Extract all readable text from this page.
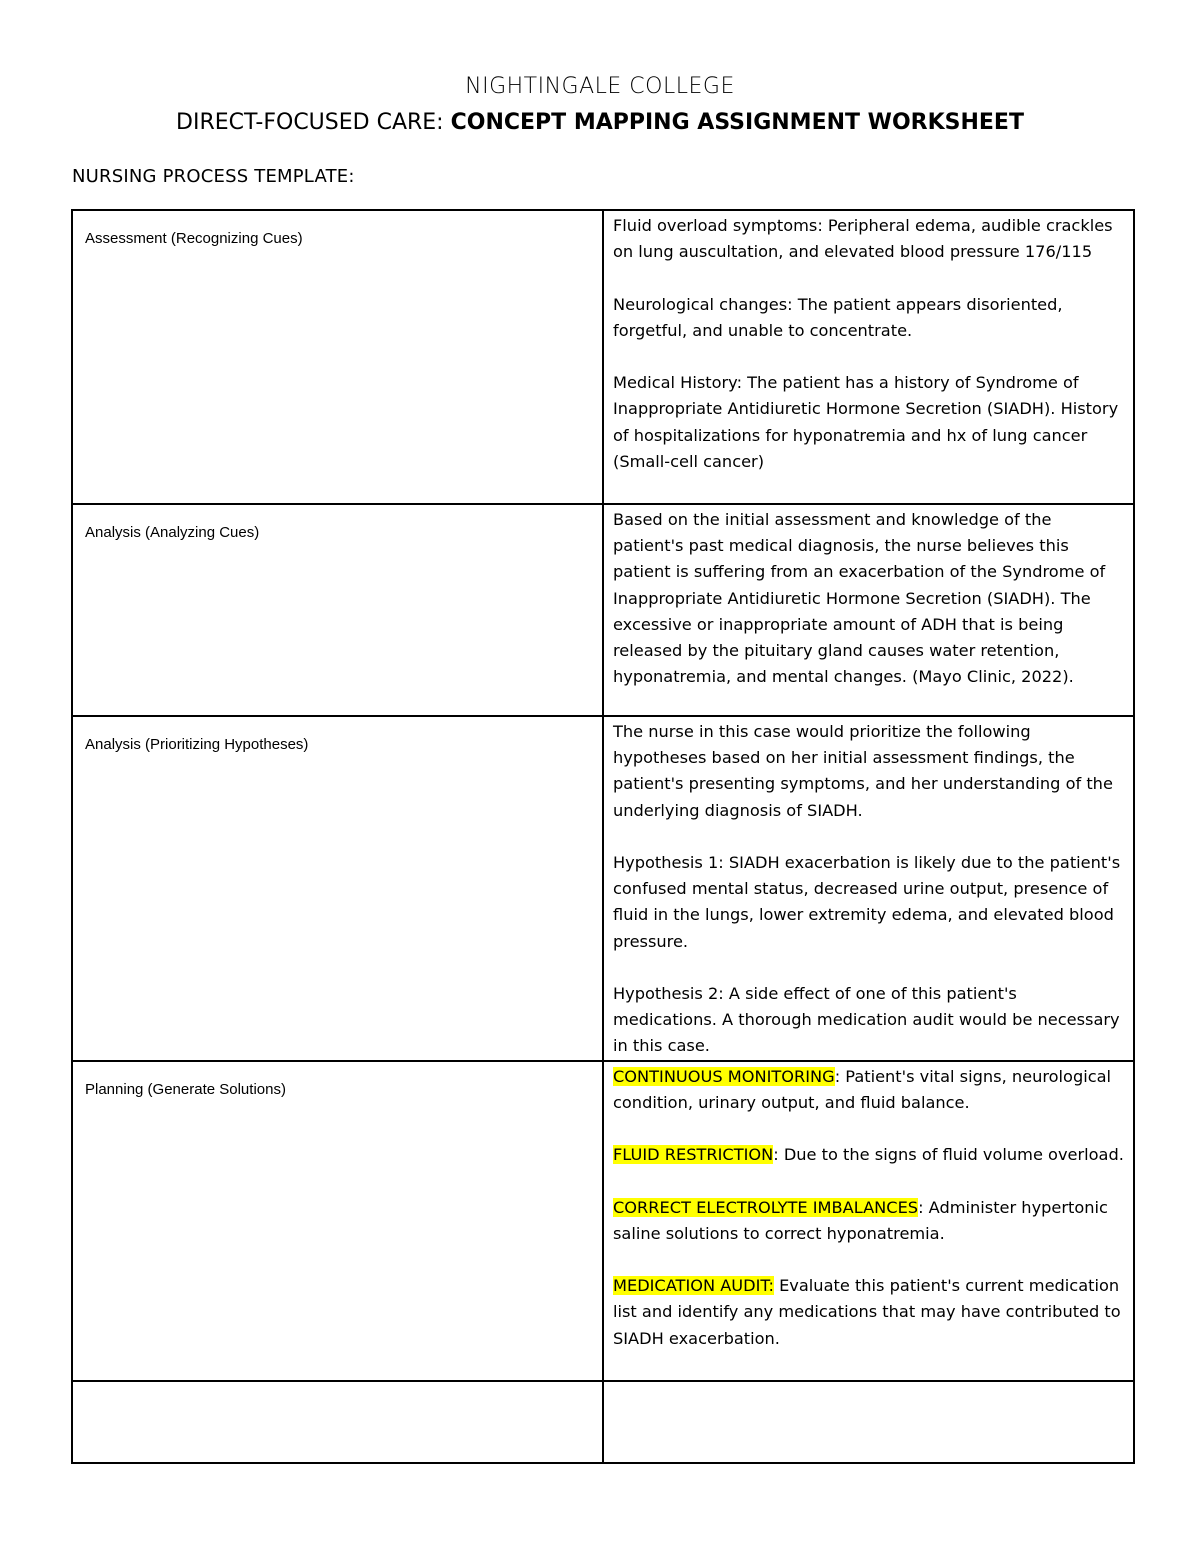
NIGHTINGALE COLLEGE
DIRECT-FOCUSED CARE: CONCEPT MAPPING ASSIGNMENT WORKSHEET
NURSING PROCESS TEMPLATE:
Assessment (Recognizing Cues)	Fluid overload symptoms: Peripheral edema, audible crackles on lung auscultation, and elevated blood pressure 176/115

Neurological changes: The patient appears disoriented, forgetful, and unable to concentrate.

Medical History: The patient has a history of Syndrome of Inappropriate Antidiuretic Hormone Secretion (SIADH). History of hospitalizations for hyponatremia and hx of lung cancer (Small-cell cancer)

Analysis (Analyzing Cues)	Based on the initial assessment and knowledge of the patient's past medical diagnosis, the nurse believes this patient is suffering from an exacerbation of the Syndrome of Inappropriate Antidiuretic Hormone Secretion (SIADH). The excessive or inappropriate amount of ADH that is being released by the pituitary gland causes water retention, hyponatremia, and mental changes. (Mayo Clinic, 2022).

Analysis (Prioritizing Hypotheses)	The nurse in this case would prioritize the following hypotheses based on her initial assessment findings, the patient's presenting symptoms, and her understanding of the underlying diagnosis of SIADH.

Hypothesis 1: SIADH exacerbation is likely due to the patient's confused mental status, decreased urine output, presence of fluid in the lungs, lower extremity edema, and elevated blood pressure.

Hypothesis 2: A side effect of one of this patient's medications. A thorough medication audit would be necessary in this case.

Planning (Generate Solutions)	CONTINUOUS MONITORING: Patient's vital signs, neurological condition, urinary output, and fluid balance.

FLUID RESTRICTION: Due to the signs of fluid volume overload.

CORRECT ELECTROLYTE IMBALANCES: Administer hypertonic saline solutions to correct hyponatremia.

MEDICATION AUDIT: Evaluate this patient's current medication list and identify any medications that may have contributed to SIADH exacerbation.
